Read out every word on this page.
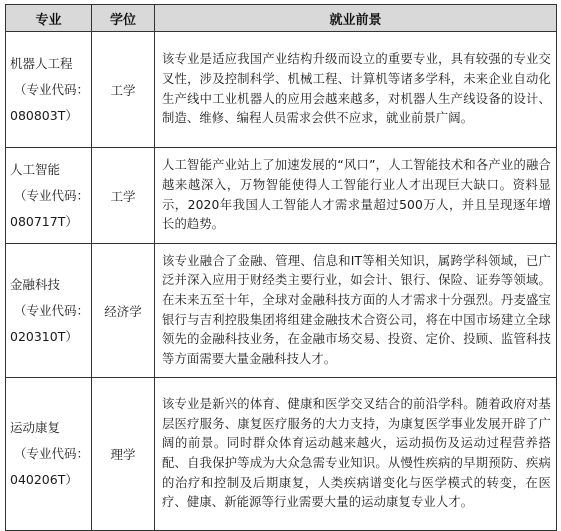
专业	学位	就业前景

机器人工程
（专业代码：
080803T）	工学	该专业是适应我国产业结构升级而设立的重要专业，具有较强的专业交叉性，涉及控制科学、机械工程、计算机等诸多学科，未来企业自动化生产线中工业机器人的应用会越来越多，对机器人生产线设备的设计、制造、维修、编程人员需求会供不应求，就业前景广阔。

人工智能
（专业代码：
080717T）	工学	人工智能产业站上了加速发展的“风口”，人工智能技术和各产业的融合越来越深入，万物智能使得人工智能行业人才出现巨大缺口。资料显示，2020年我国人工智能人才需求量超过500万人，并且呈现逐年增长的趋势。

金融科技
（专业代码：
020310T）	经济学	该专业融合了金融、管理、信息和IT等相关知识，属跨学科领域，已广泛并深入应用于财经类主要行业，如会计、银行、保险、证券等领域。在未来五至十年，全球对金融科技方面的人才需求十分强烈。丹麦盛宝银行与吉利控股集团将组建金融技术合资公司，将在中国市场建立全球领先的金融科技业务，在金融市场交易、投资、定价、投顾、监管科技等方面需要大量金融科技人才。

运动康复
（专业代码：
040206T）	理学	该专业是新兴的体育、健康和医学交叉结合的前沿学科。随着政府对基层医疗服务、康复医疗服务的大力支持，为康复医学事业发展开辟了广阔的前景。同时群众体育运动越来越火，运动损伤及运动过程营养搭配、自我保护等成为大众急需专业知识。从慢性疾病的早期预防、疾病的治疗和控制及后期康复，人类疾病谱变化与医学模式的转变，在医疗、健康、新能源等行业需要大量的运动康复专业人才。
